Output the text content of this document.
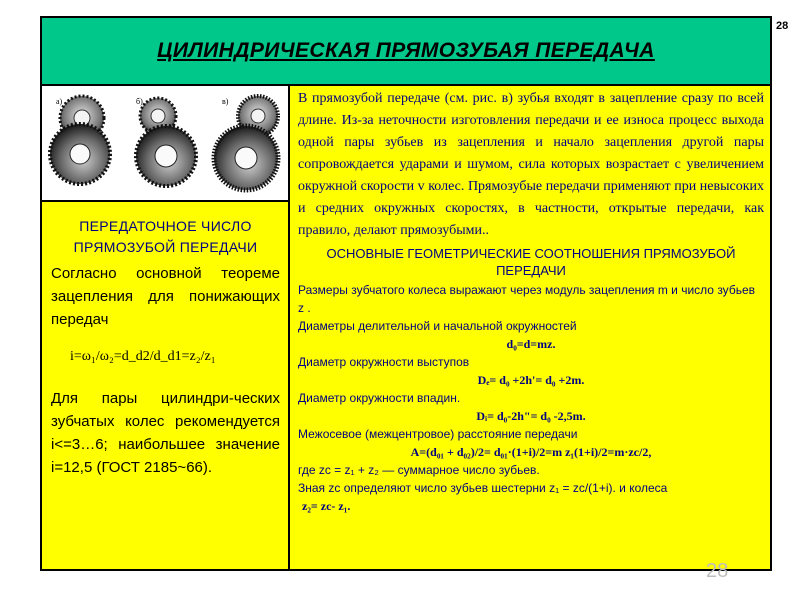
28
ЦИЛИНДРИЧЕСКАЯ ПРЯМОЗУБАЯ ПЕРЕДАЧА
а)	б)	в)
ПЕРЕДАТОЧНОЕ ЧИСЛО ПРЯМОЗУБОЙ ПЕРЕДАЧИ

Согласно основной теореме зацепления для понижающих передач

i=ω₁/ω₂=d_d2/d_d1=z₂/z₁

Для пары цилиндри-ческих зубчатых колес рекомендуется i<=3…6; наибольшее значение i=12,5 (ГОСТ 2185~66).

В прямозубой передаче (см. рис. в) зубья входят в зацепление сразу по всей длине. Из-за неточности изготовления передачи и ее износа процесс выхода одной пары зубьев из зацепления и начало зацепления другой пары сопровождается ударами и шумом, сила которых возрастает с увеличением окружной скорости v колес. Прямозубые передачи применяют при невысоких и средних окружных скоростях, в частности, открытые передачи, как правило, делают прямозубыми..

ОСНОВНЫЕ ГЕОМЕТРИЧЕСКИЕ СООТНОШЕНИЯ ПРЯМОЗУБОЙ ПЕРЕДАЧИ

Размеры зубчатого колеса выражают через модуль зацепления m и число зубьев z .

Диаметры делительной и начальной окружностей

d₀=d=mz.

Диаметр окружности выступов

Dₑ= d₀ +2h'= d₀ +2m.

Диаметр окружности впадин.

Dᵢ= d₀-2h"= d₀ -2,5m.

Межосевое (межцентровое) расстояние передачи

A=(d₀₁ + d₀₂)/2= d₀₁·(1+i)/2=m z₁(1+i)/2=m·zc/2,

где zc = z₁ + z₂ — суммарное число зубьев.

Зная zc определяют число зубьев шестерни z₁ = zc/(1+i). и колеса

z₂= zc- z₁.

28
